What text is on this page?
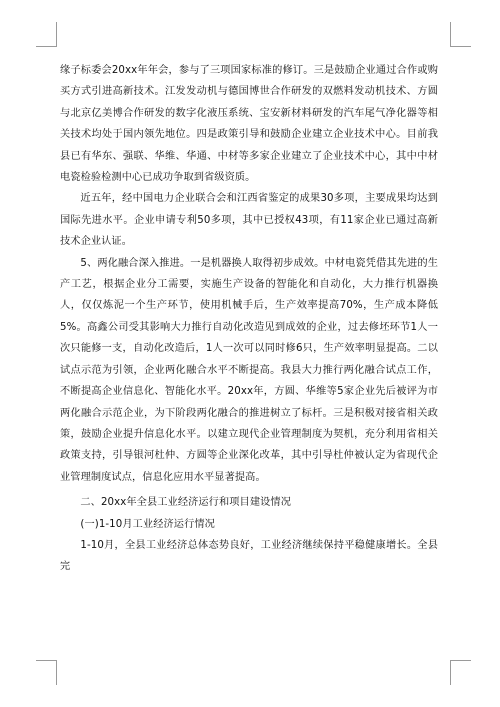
缘子标委会20xx年年会，参与了三项国家标准的修订。三是鼓励企业通过合作或购买方式引进高新技术。江发发动机与德国博世合作研发的双燃料发动机技术、方圆与北京亿美博合作研发的数字化液压系统、宝安新材料研发的汽车尾气净化器等相关技术均处于国内领先地位。四是政策引导和鼓励企业建立企业技术中心。目前我县已有华东、强联、华维、华通、中材等多家企业建立了企业技术中心，其中中材电瓷检验检测中心已成功争取到省级资质。

近五年，经中国电力企业联合会和江西省鉴定的成果30多项，主要成果均达到国际先进水平。企业申请专利50多项，其中已授权43项，有11家企业已通过高新技术企业认证。

5、两化融合深入推进。一是机器换人取得初步成效。中材电瓷凭借其先进的生产工艺，根据企业分工需要，实施生产设备的智能化和自动化，大力推行机器换人，仅仅炼泥一个生产环节，使用机械手后，生产效率提高70%，生产成本降低5%。高鑫公司受其影响大力推行自动化改造见到成效的企业，过去修坯环节1人一次只能修一支，自动化改造后，1人一次可以同时修6只，生产效率明显提高。二以试点示范为引领，企业两化融合水平不断提高。我县大力推行两化融合试点工作，不断提高企业信息化、智能化水平。20xx年，方圆、华维等5家企业先后被评为市两化融合示范企业，为下阶段两化融合的推进树立了标杆。三是积极对接省相关政策，鼓励企业提升信息化水平。以建立现代企业管理制度为契机，充分利用省相关政策支持，引导银河杜仲、方圆等企业深化改革，其中引导杜仲被认定为省现代企业管理制度试点，信息化应用水平显著提高。

二、20xx年全县工业经济运行和项目建设情况

(一)1-10月工业经济运行情况

1-10月，全县工业经济总体态势良好，工业经济继续保持平稳健康增长。全县完
